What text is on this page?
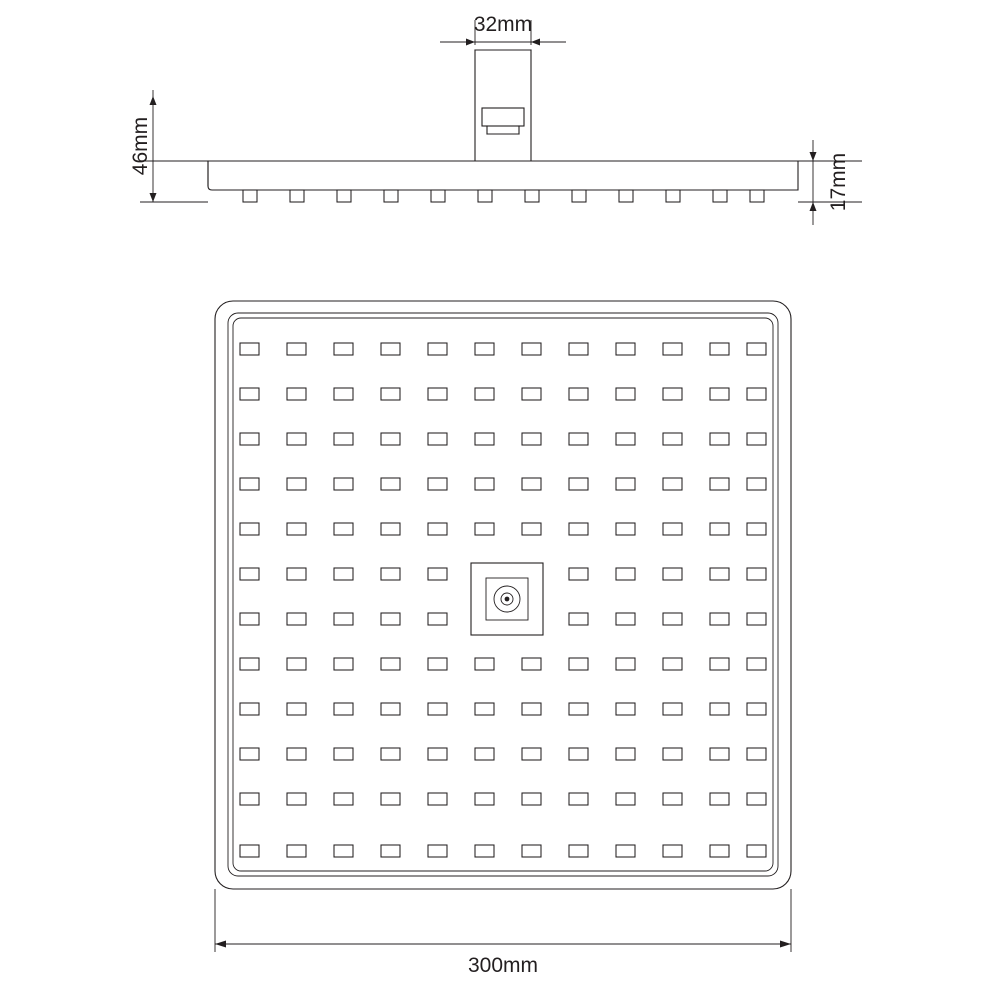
32mm
46mm
17mm
300mm
